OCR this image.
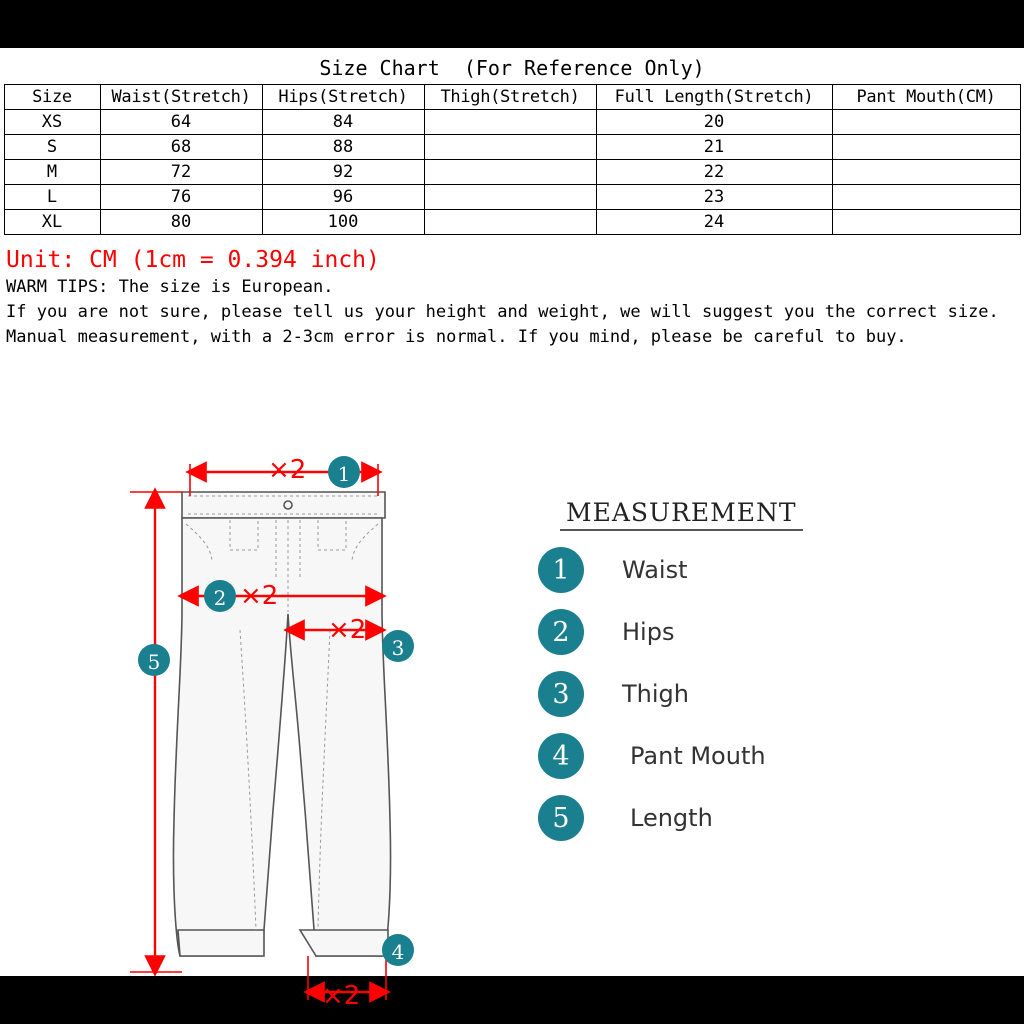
Size Chart  (For Reference Only)
Size	Waist(Stretch)	Hips(Stretch)	Thigh(Stretch)	Full Length(Stretch)	Pant Mouth(CM)
XS	64	84		20	
S	68	88		21	
M	72	92		22	
L	76	96		23	
XL	80	100		24	
Unit: CM (1cm = 0.394 inch)
WARM TIPS: The size is European.
If you are not sure, please tell us your height and weight, we will suggest you the correct size.
Manual measurement, with a 2-3cm error is normal. If you mind, please be careful to buy.
×2
×2
×2
×2
1
2
3
4
5
MEASUREMENT
1	Waist
2	Hips
3	Thigh
4	Pant Mouth
5	Length
